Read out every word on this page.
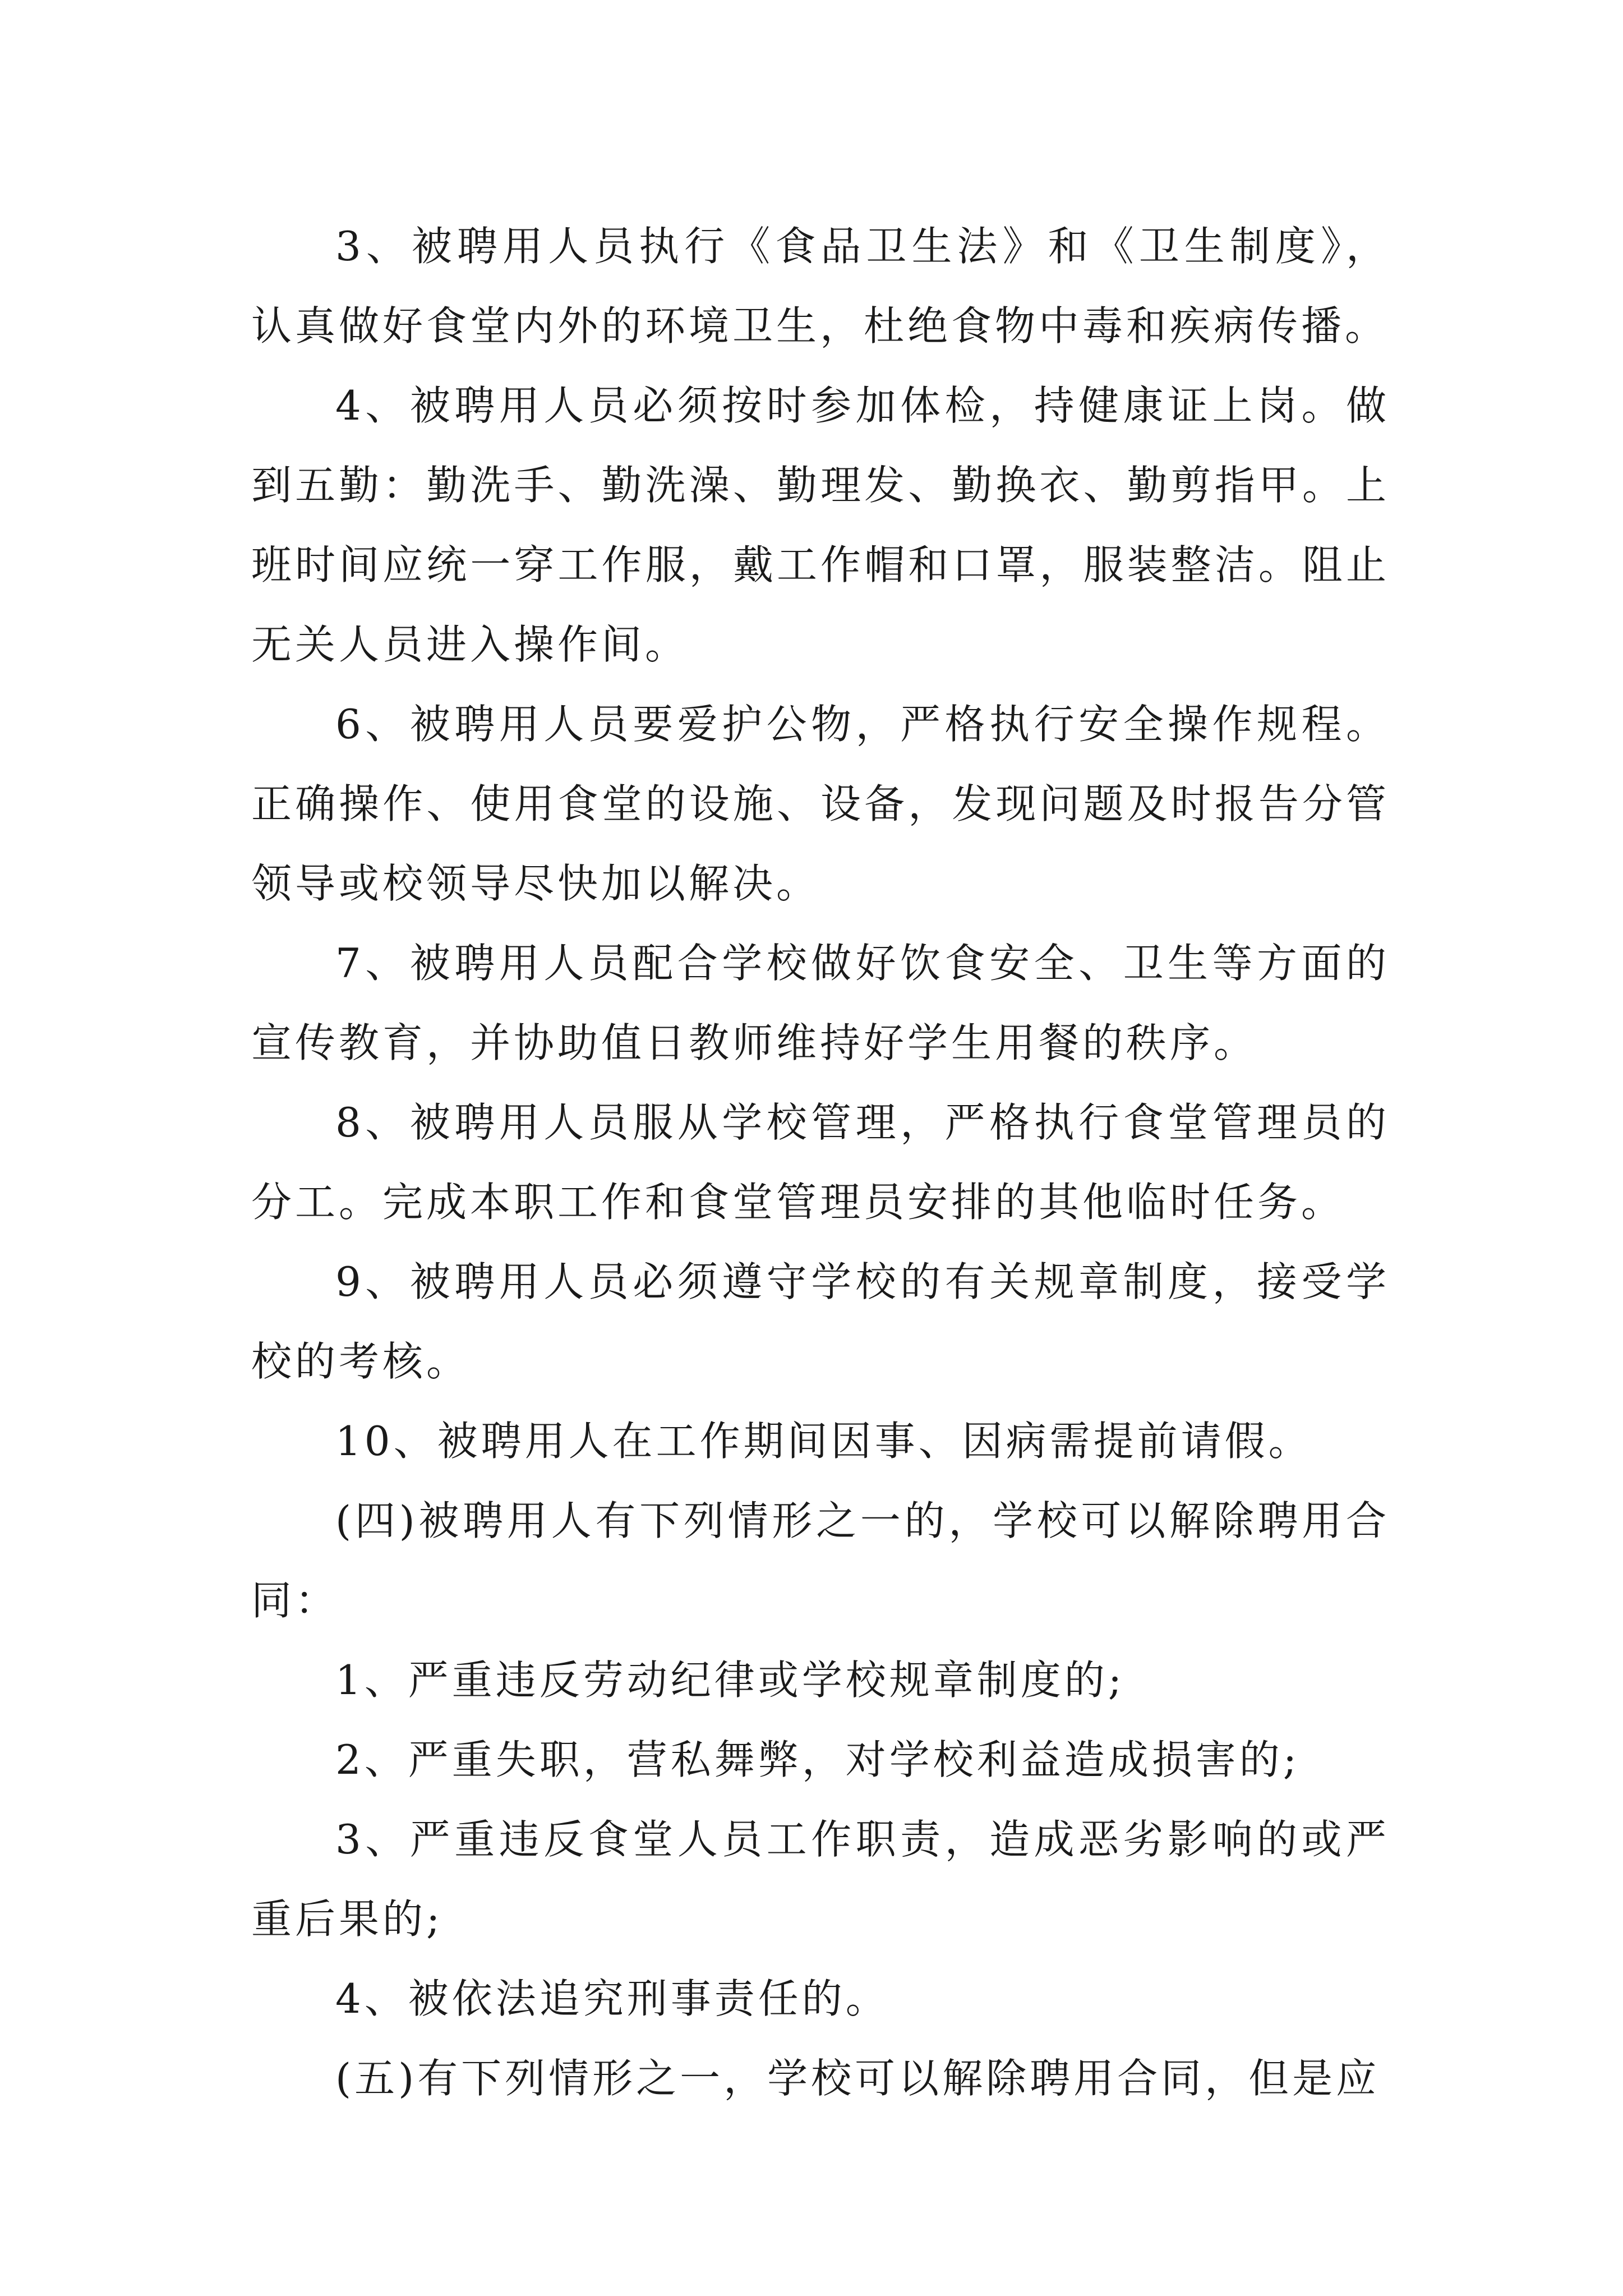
3、被聘用人员执行《食品卫生法》和《卫生制度》，认真做好食堂内外的环境卫生，杜绝食物中毒和疾病传播。

4、被聘用人员必须按时参加体检，持健康证上岗。做到五勤：勤洗手、勤洗澡、勤理发、勤换衣、勤剪指甲。上班时间应统一穿工作服，戴工作帽和口罩，服装整洁。阻止无关人员进入操作间。

6、被聘用人员要爱护公物，严格执行安全操作规程。正确操作、使用食堂的设施、设备，发现问题及时报告分管领导或校领导尽快加以解决。

7、被聘用人员配合学校做好饮食安全、卫生等方面的宣传教育，并协助值日教师维持好学生用餐的秩序。

8、被聘用人员服从学校管理，严格执行食堂管理员的分工。完成本职工作和食堂管理员安排的其他临时任务。

9、被聘用人员必须遵守学校的有关规章制度，接受学校的考核。

10、被聘用人在工作期间因事、因病需提前请假。

(四)被聘用人有下列情形之一的，学校可以解除聘用合同：

1、严重违反劳动纪律或学校规章制度的;

2、严重失职，营私舞弊，对学校利益造成损害的;

3、严重违反食堂人员工作职责，造成恶劣影响的或严重后果的;

4、被依法追究刑事责任的。

(五)有下列情形之一，学校可以解除聘用合同，但是应
